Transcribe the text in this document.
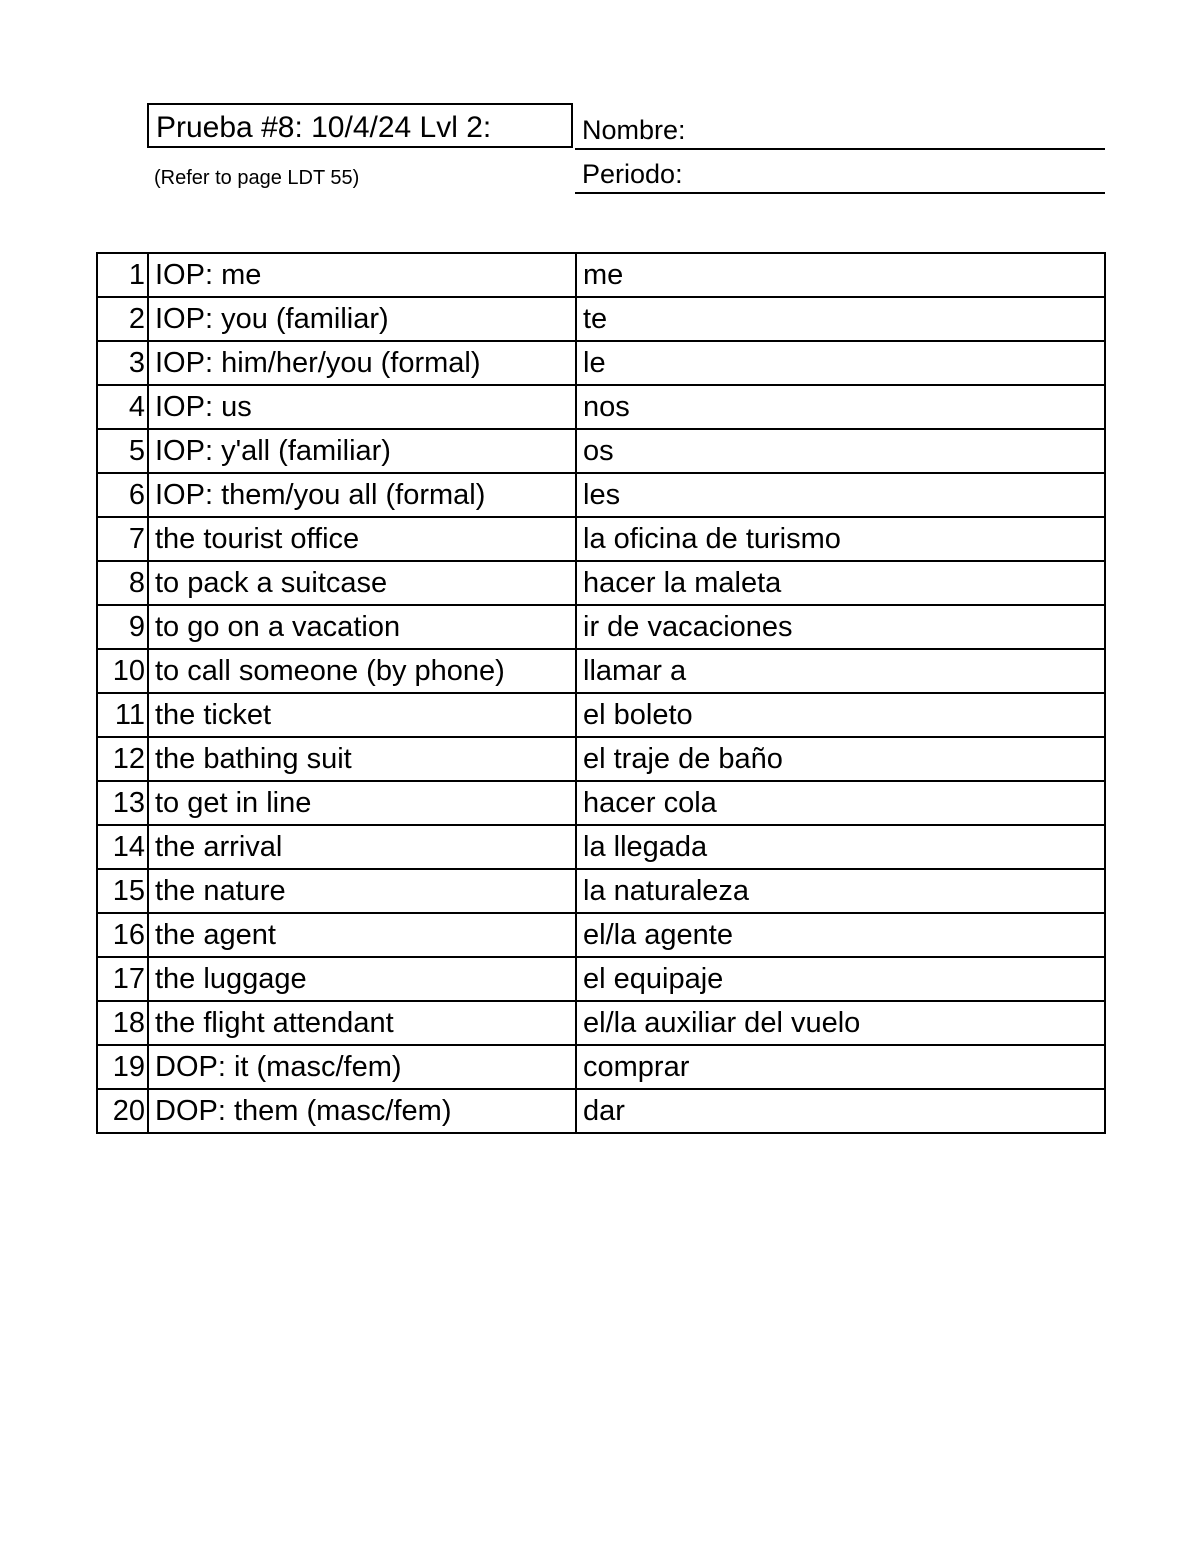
Prueba #8: 10/4/24 Lvl 2:	Nombre:
Periodo:
(Refer to page LDT 55)
1	IOP: me	me
2	IOP: you (familiar)	te
3	IOP: him/her/you (formal)	le
4	IOP: us	nos
5	IOP: y'all (familiar)	os
6	IOP: them/you all (formal)	les
7	the tourist office	la oficina de turismo
8	to pack a suitcase	hacer la maleta
9	to go on a vacation	ir de vacaciones
10	to call someone (by phone)	llamar a
11	the ticket	el boleto
12	the bathing suit	el traje de baño
13	to get in line	hacer cola
14	the arrival	la llegada
15	the nature	la naturaleza
16	the agent	el/la agente
17	the luggage	el equipaje
18	the flight attendant	el/la auxiliar del vuelo
19	DOP: it (masc/fem)	comprar
20	DOP: them (masc/fem)	dar
